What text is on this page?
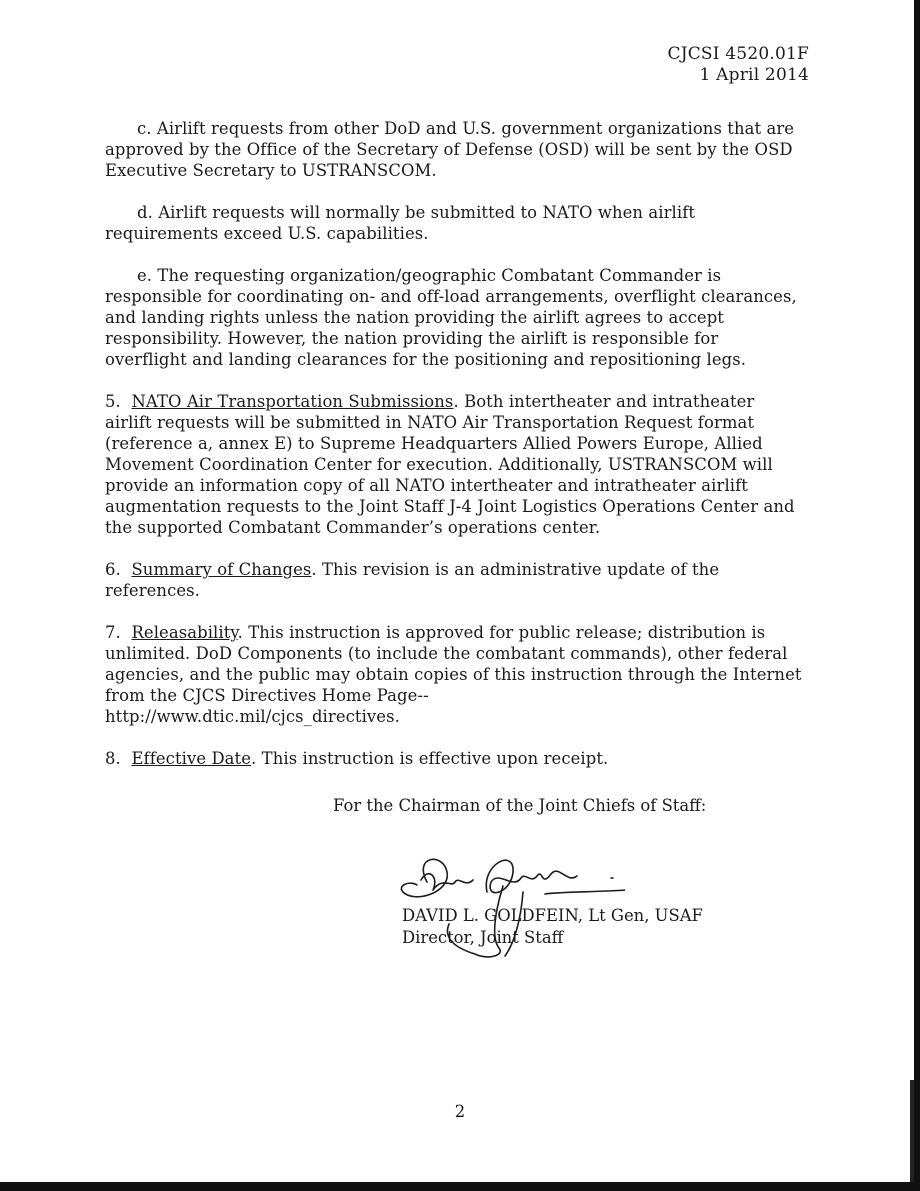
CJCSI 4520.01F
1 April 2014

c. Airlift requests from other DoD and U.S. government organizations that are approved by the Office of the Secretary of Defense (OSD) will be sent by the OSD Executive Secretary to USTRANSCOM.

d. Airlift requests will normally be submitted to NATO when airlift requirements exceed U.S. capabilities.

e. The requesting organization/geographic Combatant Commander is responsible for coordinating on- and off-load arrangements, overflight clearances, and landing rights unless the nation providing the airlift agrees to accept responsibility. However, the nation providing the airlift is responsible for overflight and landing clearances for the positioning and repositioning legs.

5. NATO Air Transportation Submissions. Both intertheater and intratheater airlift requests will be submitted in NATO Air Transportation Request format (reference a, annex E) to Supreme Headquarters Allied Powers Europe, Allied Movement Coordination Center for execution. Additionally, USTRANSCOM will provide an information copy of all NATO intertheater and intratheater airlift augmentation requests to the Joint Staff J-4 Joint Logistics Operations Center and the supported Combatant Commander’s operations center.

6. Summary of Changes. This revision is an administrative update of the references.

7. Releasability. This instruction is approved for public release; distribution is unlimited. DoD Components (to include the combatant commands), other federal agencies, and the public may obtain copies of this instruction through the Internet from the CJCS Directives Home Page--
http://www.dtic.mil/cjcs_directives.

8. Effective Date. This instruction is effective upon receipt.

For the Chairman of the Joint Chiefs of Staff:
DAVID L. GOLDFEIN, Lt Gen, USAF
Director, Joint Staff
2
